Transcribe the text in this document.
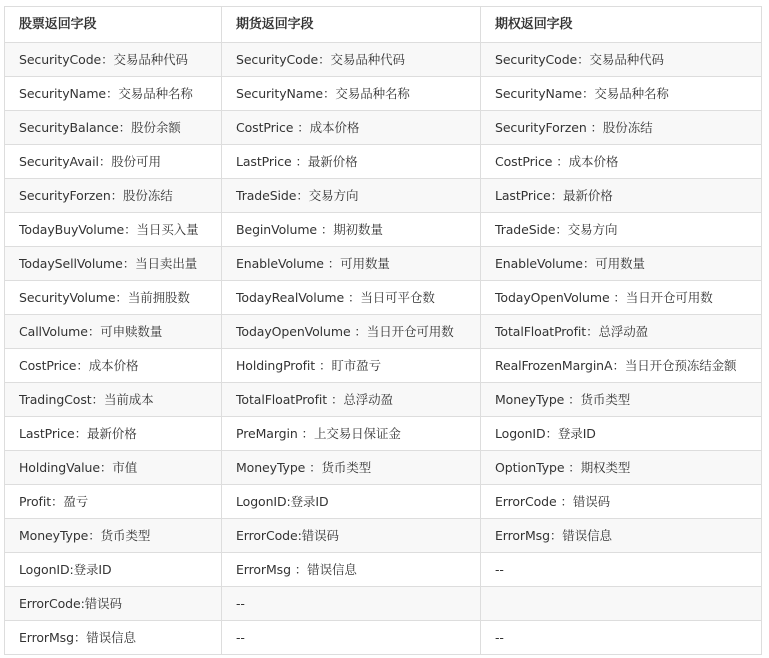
股票返回字段	期货返回字段	期权返回字段
SecurityCode：交易品种代码	SecurityCode：交易品种代码	SecurityCode：交易品种代码
SecurityName：交易品种名称	SecurityName：交易品种名称	SecurityName：交易品种名称
SecurityBalance：股份余额	CostPrice ：成本价格	SecurityForzen ：股份冻结
SecurityAvail：股份可用	LastPrice ：最新价格	CostPrice ：成本价格
SecurityForzen：股份冻结	TradeSide：交易方向	LastPrice：最新价格
TodayBuyVolume：当日买入量	BeginVolume ：期初数量	TradeSide：交易方向
TodaySellVolume：当日卖出量	EnableVolume ：可用数量	EnableVolume：可用数量
SecurityVolume：当前拥股数	TodayRealVolume ：当日可平仓数	TodayOpenVolume ：当日开仓可用数
CallVolume：可申赎数量	TodayOpenVolume ：当日开仓可用数	TotalFloatProfit：总浮动盈
CostPrice：成本价格	HoldingProfit ：盯市盈亏	RealFrozenMarginA：当日开仓预冻结金额
TradingCost：当前成本	TotalFloatProfit ：总浮动盈	MoneyType ：货币类型
LastPrice：最新价格	PreMargin ：上交易日保证金	LogonID：登录ID
HoldingValue：市值	MoneyType ：货币类型	OptionType ：期权类型
Profit：盈亏	LogonID:登录ID	ErrorCode ：错误码
MoneyType：货币类型	ErrorCode:错误码	ErrorMsg：错误信息
LogonID:登录ID	ErrorMsg ：错误信息	--
ErrorCode:错误码	--	
ErrorMsg：错误信息	--	--
